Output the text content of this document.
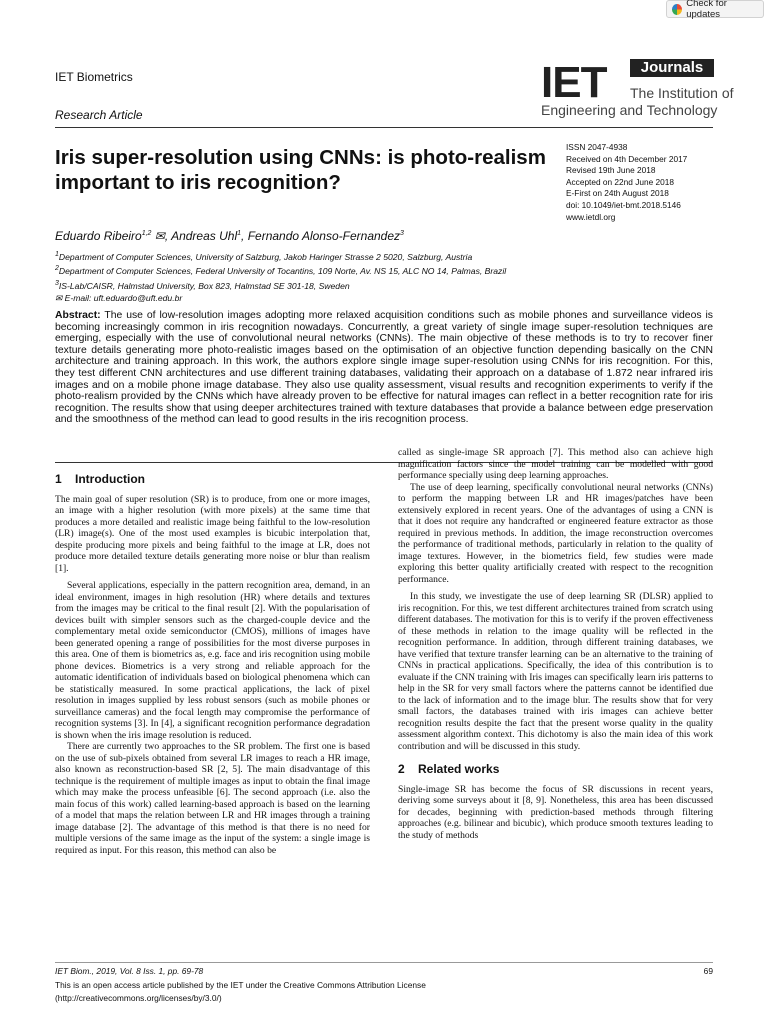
Check for updates
IET Biometrics
Research Article
IET	Journals
The Institution of
Engineering and Technology
Iris super-resolution using CNNs: is photo-realism important to iris recognition?
ISSN 2047-4938
Received on 4th December 2017
Revised 19th June 2018
Accepted on 22nd June 2018
E-First on 24th August 2018
doi: 10.1049/iet-bmt.2018.5146
www.ietdl.org
Eduardo Ribeiro$^{1,2}$ ✉, Andreas Uhl$^1$, Fernando Alonso-Fernandez$^3$
$^1$Department of Computer Sciences, University of Salzburg, Jakob Haringer Strasse 2 5020, Salzburg, Austria
$^2$Department of Computer Sciences, Federal University of Tocantins, 109 Norte, Av. NS 15, ALC NO 14, Palmas, Brazil
$^3$IS-Lab/CAISR, Halmstad University, Box 823, Halmstad SE 301-18, Sweden
✉ E-mail: uft.eduardo@uft.edu.br
Abstract: The use of low-resolution images adopting more relaxed acquisition conditions such as mobile phones and surveillance videos is becoming increasingly common in iris recognition nowadays. Concurrently, a great variety of single image super-resolution techniques are emerging, especially with the use of convolutional neural networks (CNNs). The main objective of these methods is to try to recover finer texture details generating more photo-realistic images based on the optimisation of an objective function depending basically on the CNN architecture and training approach. In this work, the authors explore single image super-resolution using CNNs for iris recognition. For this, they test different CNN architectures and use different training databases, validating their approach on a database of 1.872 near infrared iris images and on a mobile phone image database. They also use quality assessment, visual results and recognition experiments to verify if the photo-realism provided by the CNNs which have already proven to be effective for natural images can reflect in a better recognition rate for iris recognition. The results show that using deeper architectures trained with texture databases that provide a balance between edge preservation and the smoothness of the method can lead to good results in the iris recognition process.
1 Introduction

The main goal of super resolution (SR) is to produce, from one or more images, an image with a higher resolution (with more pixels) at the same time that produces a more detailed and realistic image being faithful to the low-resolution (LR) image(s). One of the most used examples is bicubic interpolation that, despite producing more pixels and being faithful to the image at LR, does not produce more detailed texture details generating more noise or blur than realism [1].

Several applications, especially in the pattern recognition area, demand, in an ideal environment, images in high resolution (HR) where details and textures from the images may be critical to the final result [2]. With the popularisation of devices built with simpler sensors such as the charged-couple device and the complementary metal oxide semiconductor (CMOS), millions of images have been generated opening a range of possibilities for the most diverse purposes in this area. One of them is biometrics as, e.g. face and iris recognition using mobile phone devices. Biometrics is a very strong and reliable approach for the automatic identification of individuals based on biological phenomena which can be statistically measured. In some practical applications, the lack of pixel resolution in images supplied by less robust sensors (such as mobile phones or surveillance cameras) and the focal length may compromise the performance of recognition systems [3]. In [4], a significant recognition performance degradation is shown when the iris image resolution is reduced.

There are currently two approaches to the SR problem. The first one is based on the use of sub-pixels obtained from several LR images to reach a HR image, also known as reconstruction-based SR [2, 5]. The main disadvantage of this technique is the requirement of multiple images as input to obtain the final image which may make the process unfeasible [6]. The second approach (i.e. also the main focus of this work) called learning-based approach is based on the learning of a model that maps the relation between LR and HR images through a training image database [2]. The advantage of this method is that there is no need for multiple versions of the same image as the input of the system: a single image is required as input. For this reason, this method can also be

called as single-image SR approach [7]. This method also can achieve high magnification factors since the model training can be modelled with good performance specially using deep learning approaches.

The use of deep learning, specifically convolutional neural networks (CNNs) to perform the mapping between LR and HR images/patches have been extensively explored in recent years. One of the advantages of using a CNN is that it does not require any handcrafted or engineered feature extractor as those required in previous methods. In addition, the image reconstruction overcomes the performance of traditional methods, particularly in relation to the quality of image textures. However, in the biometrics field, few studies were made exploring this better quality artificially created with respect to the recognition performance.

In this study, we investigate the use of deep learning SR (DLSR) applied to iris recognition. For this, we test different architectures trained from scratch using different databases. The motivation for this is to verify if the proven effectiveness of these methods in relation to the image quality will be reflected in the recognition performance. In addition, through different training databases, we have verified that texture transfer learning can be an alternative to the training of CNNs in practical applications. Specifically, the idea of this contribution is to evaluate if the CNN training with Iris images can specifically learn iris patterns to help in the SR for very small factors where the patterns cannot be identified due to the lack of information and to the image blur. The results show that for very small factors, the databases trained with iris images can achieve better recognition results despite the fact that the present worse quality in the quality assessment algorithm context. This dichotomy is also the main idea of this work contribution and will be discussed in this study.

2 Related works

Single-image SR has become the focus of SR discussions in recent years, deriving some surveys about it [8, 9]. Nonetheless, this area has been discussed for decades, beginning with prediction-based methods through filtering approaches (e.g. bilinear and bicubic), which produce smooth textures leading to the study of methods

IET Biom., 2019, Vol. 8 Iss. 1, pp. 69-78	69
This is an open access article published by the IET under the Creative Commons Attribution License
(http://creativecommons.org/licenses/by/3.0/)
